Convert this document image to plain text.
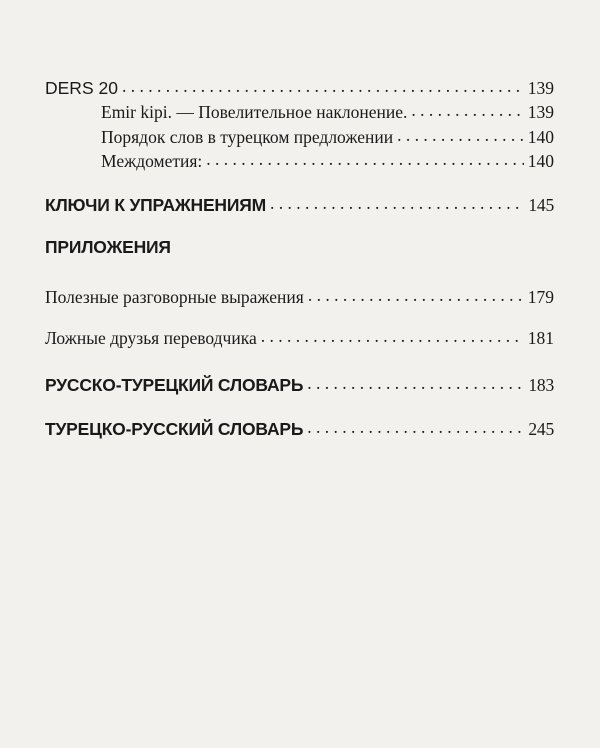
DERS 20 . . .	139
Emir kipi. — Повелительное наклонение. . . .	139
Порядок слов в турецком предложении . . .	140
Междометия: . . .	140
КЛЮЧИ К УПРАЖНЕНИЯМ . . .	145
ПРИЛОЖЕНИЯ
Полезные разговорные выражения . . .	179
Ложные друзья переводчика . . .	181
РУССКО-ТУРЕЦКИЙ СЛОВАРЬ . . .	183
ТУРЕЦКО-РУССКИЙ СЛОВАРЬ . . .	245
